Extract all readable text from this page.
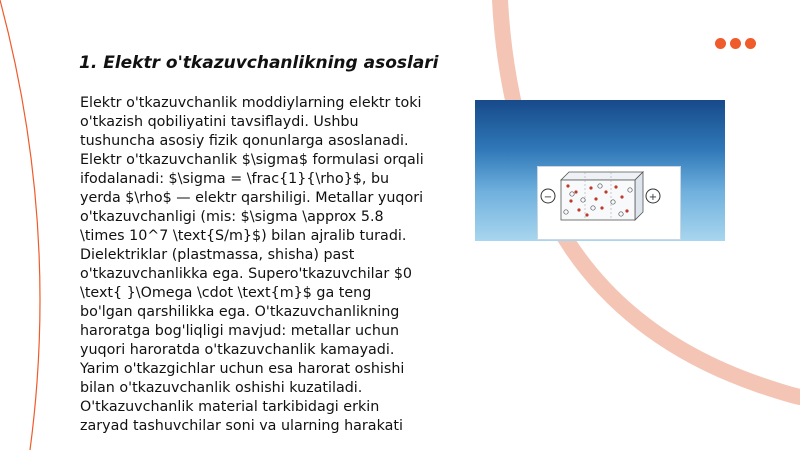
1. Elektr o'tkazuvchanlikning asoslari

Elektr o'tkazuvchanlik moddiylarning elektr toki o'tkazish qobiliyatini tavsiflaydi. Ushbu tushuncha asosiy fizik qonunlarga asoslanadi. Elektr o'tkazuvchanlik $\sigma$ formulasi orqali ifodalanadi: $\sigma = \frac{1}{\rho}$, bu yerda $\rho$ — elektr qarshiligi. Metallar yuqori o'tkazuvchanligi (mis: $\sigma \approx 5.8 \times 10^7 \text{S/m}$) bilan ajralib turadi. Dielektriklar (plastmassa, shisha) past o'tkazuvchanlikka ega. Supero'tkazuvchilar $0 \text{ }\Omega \cdot \text{m}$ ga teng bo'lgan qarshilikka ega. O'tkazuvchanlikning haroratga bog'liqligi mavjud: metallar uchun yuqori haroratda o'tkazuvchanlik kamayadi. Yarim o'tkazgichlar uchun esa harorat oshishi bilan o'tkazuvchanlik oshishi kuzatiladi. O'tkazuvchanlik material tarkibidagi erkin zaryad tashuvchilar soni va ularning harakati

−	+
